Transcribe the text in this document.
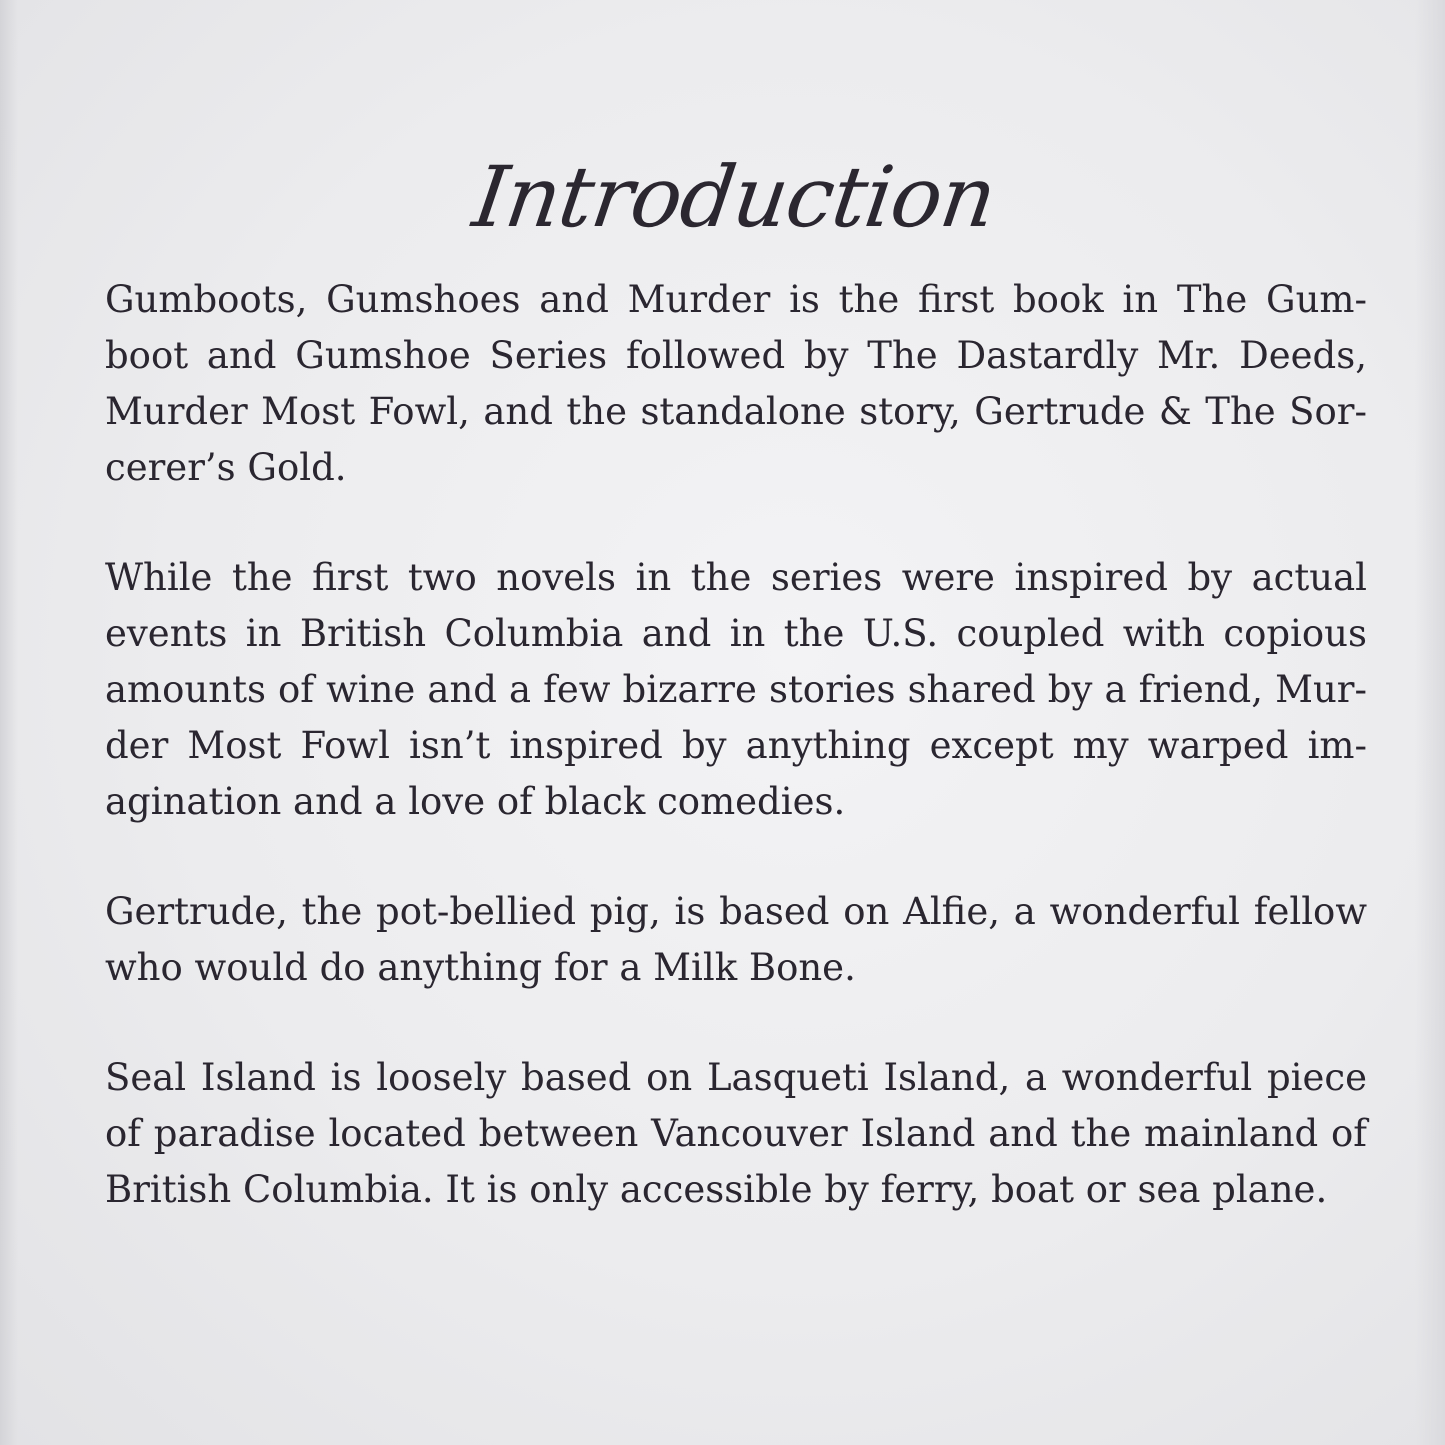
Introduction

Gumboots, Gumshoes and Murder is the first book in The Gumboot and Gumshoe Series followed by The Dastardly Mr. Deeds, Murder Most Fowl, and the standalone story, Gertrude & The Sorcerer’s Gold.

While the first two novels in the series were inspired by actual events in British Columbia and in the U.S. coupled with copious amounts of wine and a few bizarre stories shared by a friend, Murder Most Fowl isn’t inspired by anything except my warped imagination and a love of black comedies.

Gertrude, the pot-bellied pig, is based on Alfie, a wonderful fellow who would do anything for a Milk Bone.

Seal Island is loosely based on Lasqueti Island, a wonderful piece of paradise located between Vancouver Island and the mainland of British Columbia. It is only accessible by ferry, boat or sea plane.
